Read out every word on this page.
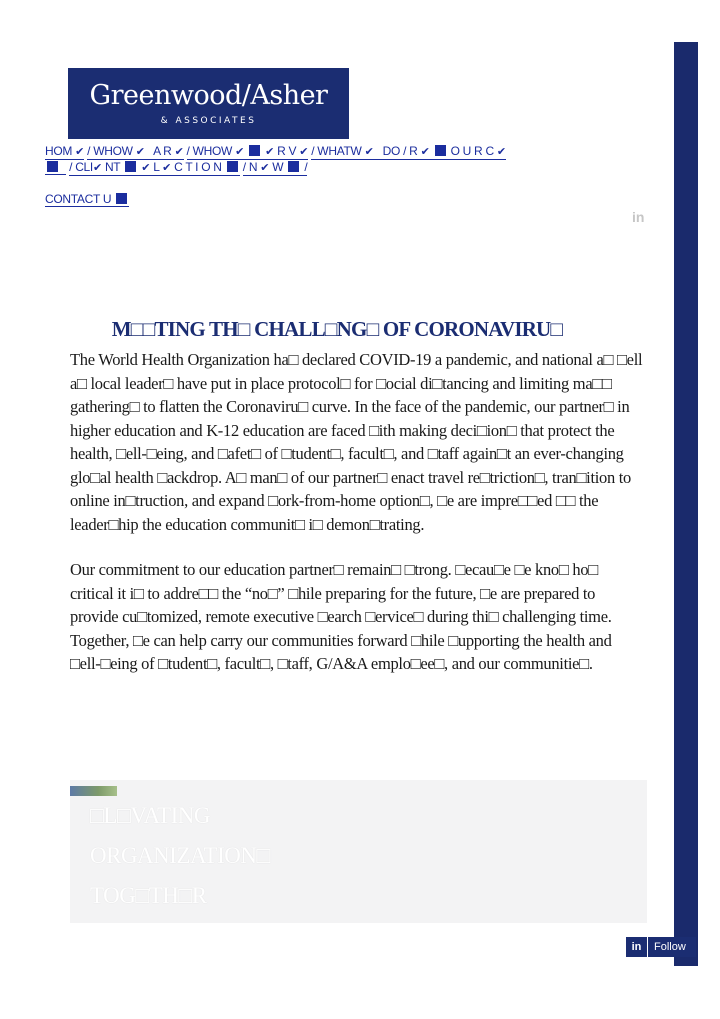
Greenwood/Asher
& ASSOCIATES
HOM ✔ / WHOW ✔ A R ✔ / WHOW ✔ ✔ R V ✔ / WHATW ✔ DO / R ✔ O U R C ✔
/ CLI✔ NT ✔ L ✔ C T I O N / N ✔ W /
CONTACT U
in
M□□TING TH□ CHALL□NG□ OF CORONAVIRU□

The World Health Organization ha□ declared COVID-19 a pandemic, and national a□ □ell a□ local leader□ have put in place protocol□ for □ocial di□tancing and limiting ma□□ gathering□ to flatten the Coronaviru□ curve. In the face of the pandemic, our partner□ in higher education and K-12 education are faced □ith making deci□ion□ that protect the health, □ell-□eing, and □afet□ of □tudent□, facult□, and □taff again□t an ever-changing glo□al health □ackdrop. A□ man□ of our partner□ enact travel re□triction□, tran□ition to online in□truction, and expand □ork-from-home option□, □e are impre□□ed □□ the leader□hip the education communit□ i□ demon□trating.

Our commitment to our education partner□ remain□ □trong. □ecau□e □e kno□ ho□ critical it i□ to addre□□ the “no□” □hile preparing for the future, □e are prepared to provide cu□tomized, remote executive □earch □ervice□ during thi□ challenging time. Together, □e can help carry our communities forward □hile □upporting the health and □ell-□eing of □tudent□, facult□, □taff, G/A&A emplo□ee□, and our communitie□.

□L□VATING ORGANIZATION□ TOG□TH□R
in	Follow
